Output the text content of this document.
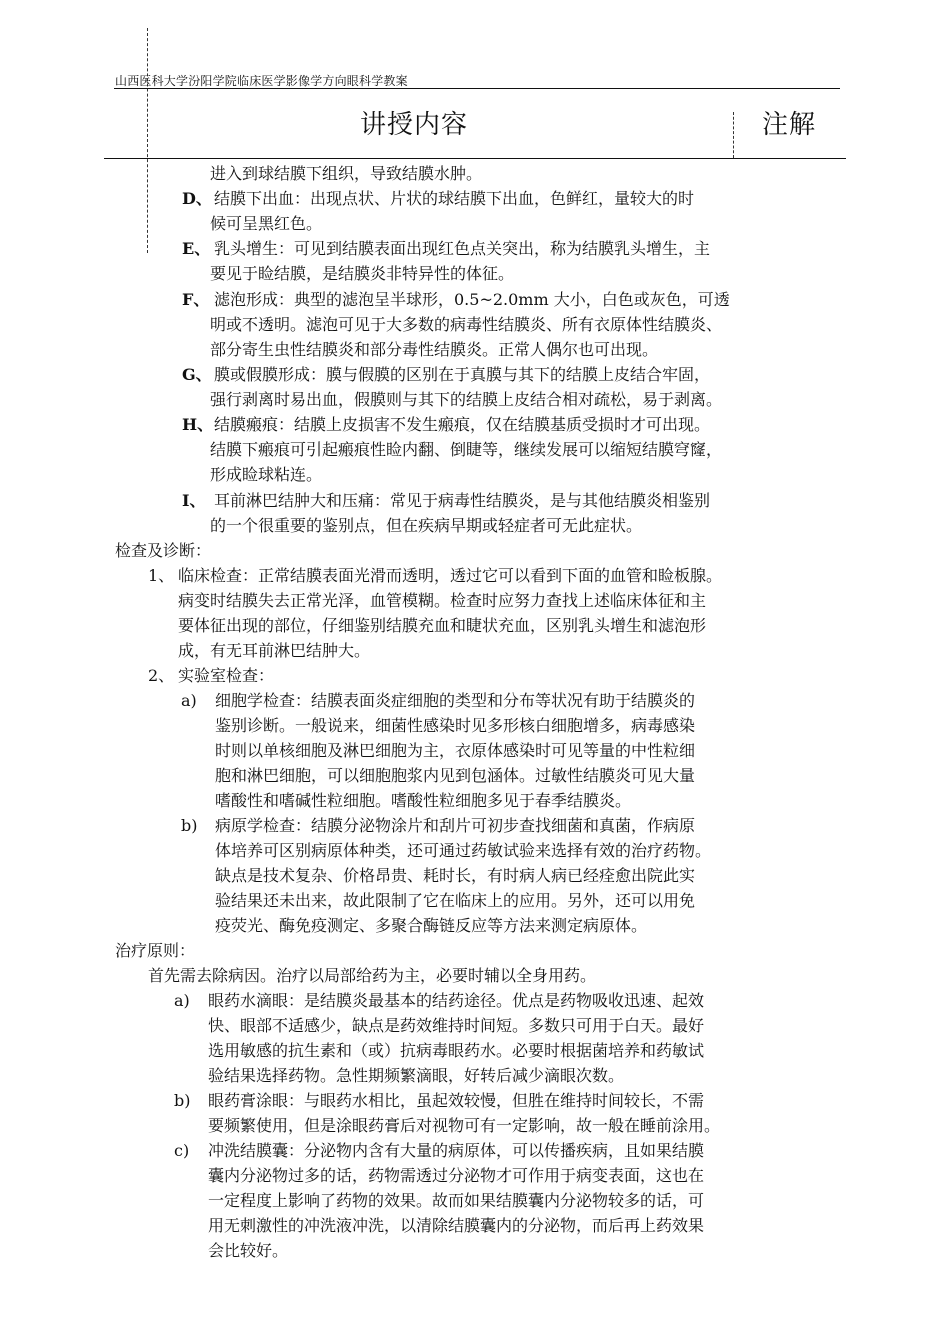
山西医科大学汾阳学院临床医学影像学方向眼科学教案
讲授内容	注解
进入到球结膜下组织，导致结膜水肿。
D、 结膜下出血：出现点状、片状的球结膜下出血，色鲜红，量较大的时
候可呈黑红色。
E、 乳头增生：可见到结膜表面出现红色点关突出，称为结膜乳头增生，主
要见于睑结膜，是结膜炎非特异性的体征。
F、 滤泡形成：典型的滤泡呈半球形，0.5~2.0mm 大小，白色或灰色，可透
明或不透明。滤泡可见于大多数的病毒性结膜炎、所有衣原体性结膜炎、
部分寄生虫性结膜炎和部分毒性结膜炎。正常人偶尔也可出现。
G、 膜或假膜形成：膜与假膜的区别在于真膜与其下的结膜上皮结合牢固，
强行剥离时易出血，假膜则与其下的结膜上皮结合相对疏松，易于剥离。
H、 结膜瘢痕：结膜上皮损害不发生瘢痕，仅在结膜基质受损时才可出现。
结膜下瘢痕可引起瘢痕性睑内翻、倒睫等，继续发展可以缩短结膜穹窿，
形成睑球粘连。
I、 耳前淋巴结肿大和压痛：常见于病毒性结膜炎，是与其他结膜炎相鉴别
的一个很重要的鉴别点，但在疾病早期或轻症者可无此症状。
检查及诊断：
1、 临床检查：正常结膜表面光滑而透明，透过它可以看到下面的血管和睑板腺。
病变时结膜失去正常光泽，血管模糊。检查时应努力查找上述临床体征和主
要体征出现的部位，仔细鉴别结膜充血和睫状充血，区别乳头增生和滤泡形
成，有无耳前淋巴结肿大。
2、 实验室检查：
a) 细胞学检查：结膜表面炎症细胞的类型和分布等状况有助于结膜炎的
鉴别诊断。一般说来，细菌性感染时见多形核白细胞增多，病毒感染
时则以单核细胞及淋巴细胞为主，衣原体感染时可见等量的中性粒细
胞和淋巴细胞，可以细胞胞浆内见到包涵体。过敏性结膜炎可见大量
嗜酸性和嗜碱性粒细胞。嗜酸性粒细胞多见于春季结膜炎。
b) 病原学检查：结膜分泌物涂片和刮片可初步查找细菌和真菌，作病原
体培养可区别病原体种类，还可通过药敏试验来选择有效的治疗药物。
缺点是技术复杂、价格昂贵、耗时长，有时病人病已经痊愈出院此实
验结果还未出来，故此限制了它在临床上的应用。另外，还可以用免
疫荧光、酶免疫测定、多聚合酶链反应等方法来测定病原体。
治疗原则：
首先需去除病因。治疗以局部给药为主，必要时辅以全身用药。
a) 眼药水滴眼：是结膜炎最基本的结药途径。优点是药物吸收迅速、起效
快、眼部不适感少，缺点是药效维持时间短。多数只可用于白天。最好
选用敏感的抗生素和（或）抗病毒眼药水。必要时根据菌培养和药敏试
验结果选择药物。急性期频繁滴眼，好转后减少滴眼次数。
b) 眼药膏涂眼：与眼药水相比，虽起效较慢，但胜在维持时间较长，不需
要频繁使用，但是涂眼药膏后对视物可有一定影响，故一般在睡前涂用。
c) 冲洗结膜囊：分泌物内含有大量的病原体，可以传播疾病，且如果结膜
囊内分泌物过多的话，药物需透过分泌物才可作用于病变表面，这也在
一定程度上影响了药物的效果。故而如果结膜囊内分泌物较多的话，可
用无刺激性的冲洗液冲洗，以清除结膜囊内的分泌物，而后再上药效果
会比较好。
